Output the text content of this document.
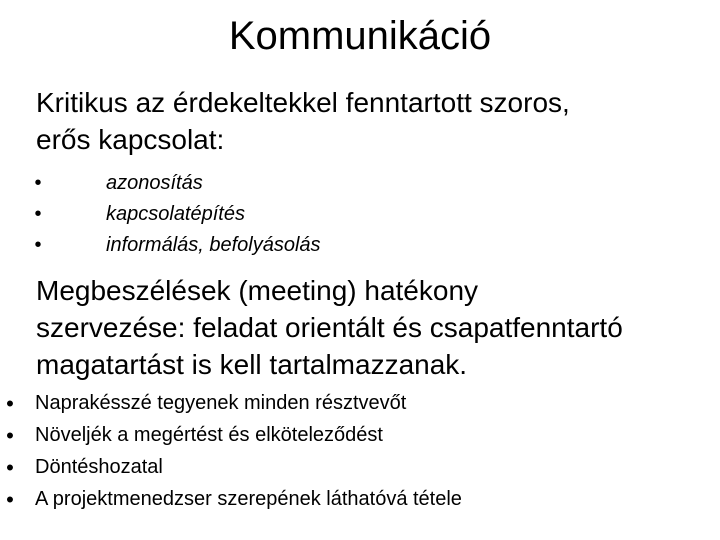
Kommunikáció
Kritikus az érdekeltekkel fenntartott szoros,
erős kapcsolat:
•	azonosítás
•	kapcsolatépítés
•	informálás, befolyásolás
Megbeszélések (meeting) hatékony
szervezése: feladat orientált és csapatfenntartó
magatartást is kell tartalmazzanak.
• Naprakésszé tegyenek minden résztvevőt
• Növeljék a megértést és elköteleződést
• Döntéshozatal
• A projektmenedzser szerepének láthatóvá tétele
